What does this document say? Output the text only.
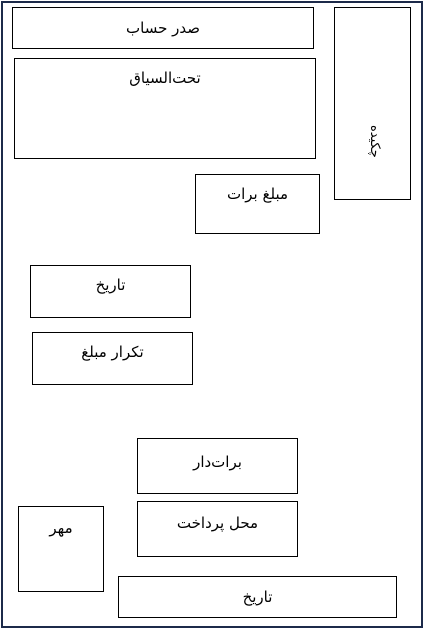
صدر حساب
تحت‌السیاق
چکیده
مبلغ برات
تاریخ
تکرار مبلغ
برات‌دار
محل پرداخت
مهر
تاریخ
